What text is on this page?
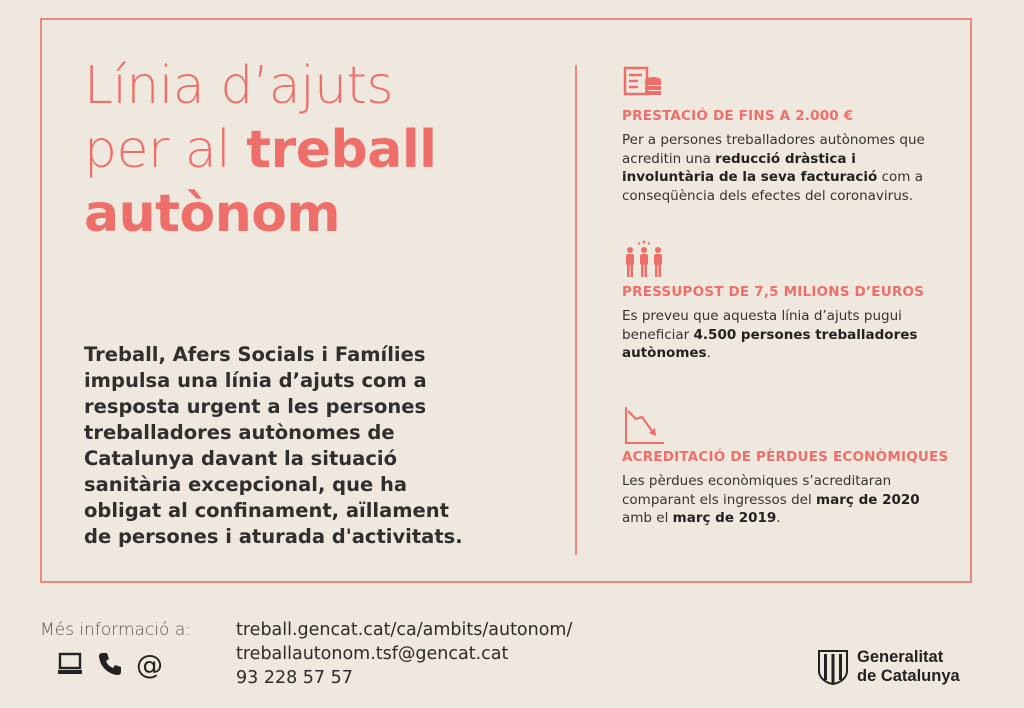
Línia d’ajuts
per al treball
autònom
Treball, Afers Socials i Famílies impulsa una línia d’ajuts com a resposta urgent a les persones treballadores autònomes de Catalunya davant la situació sanitària excepcional, que ha obligat al confinament, aïllament de persones i aturada d'activitats.
PRESTACIÓ DE FINS A 2.000 €
Per a persones treballadores autònomes que acreditin una reducció dràstica i involuntària de la seva facturació com a conseqüència dels efectes del coronavirus.
PRESSUPOST DE 7,5 MILIONS D’EUROS
Es preveu que aquesta línia d’ajuts pugui beneficiar 4.500 persones treballadores autònomes.
ACREDITACIÓ DE PÈRDUES ECONÒMIQUES
Les pèrdues econòmiques s’acreditaran comparant els ingressos del març de 2020 amb el març de 2019.
Més informació a:
@
treball.gencat.cat/ca/ambits/autonom/
treballautonom.tsf@gencat.cat
93 228 57 57
Generalitat
de Catalunya
